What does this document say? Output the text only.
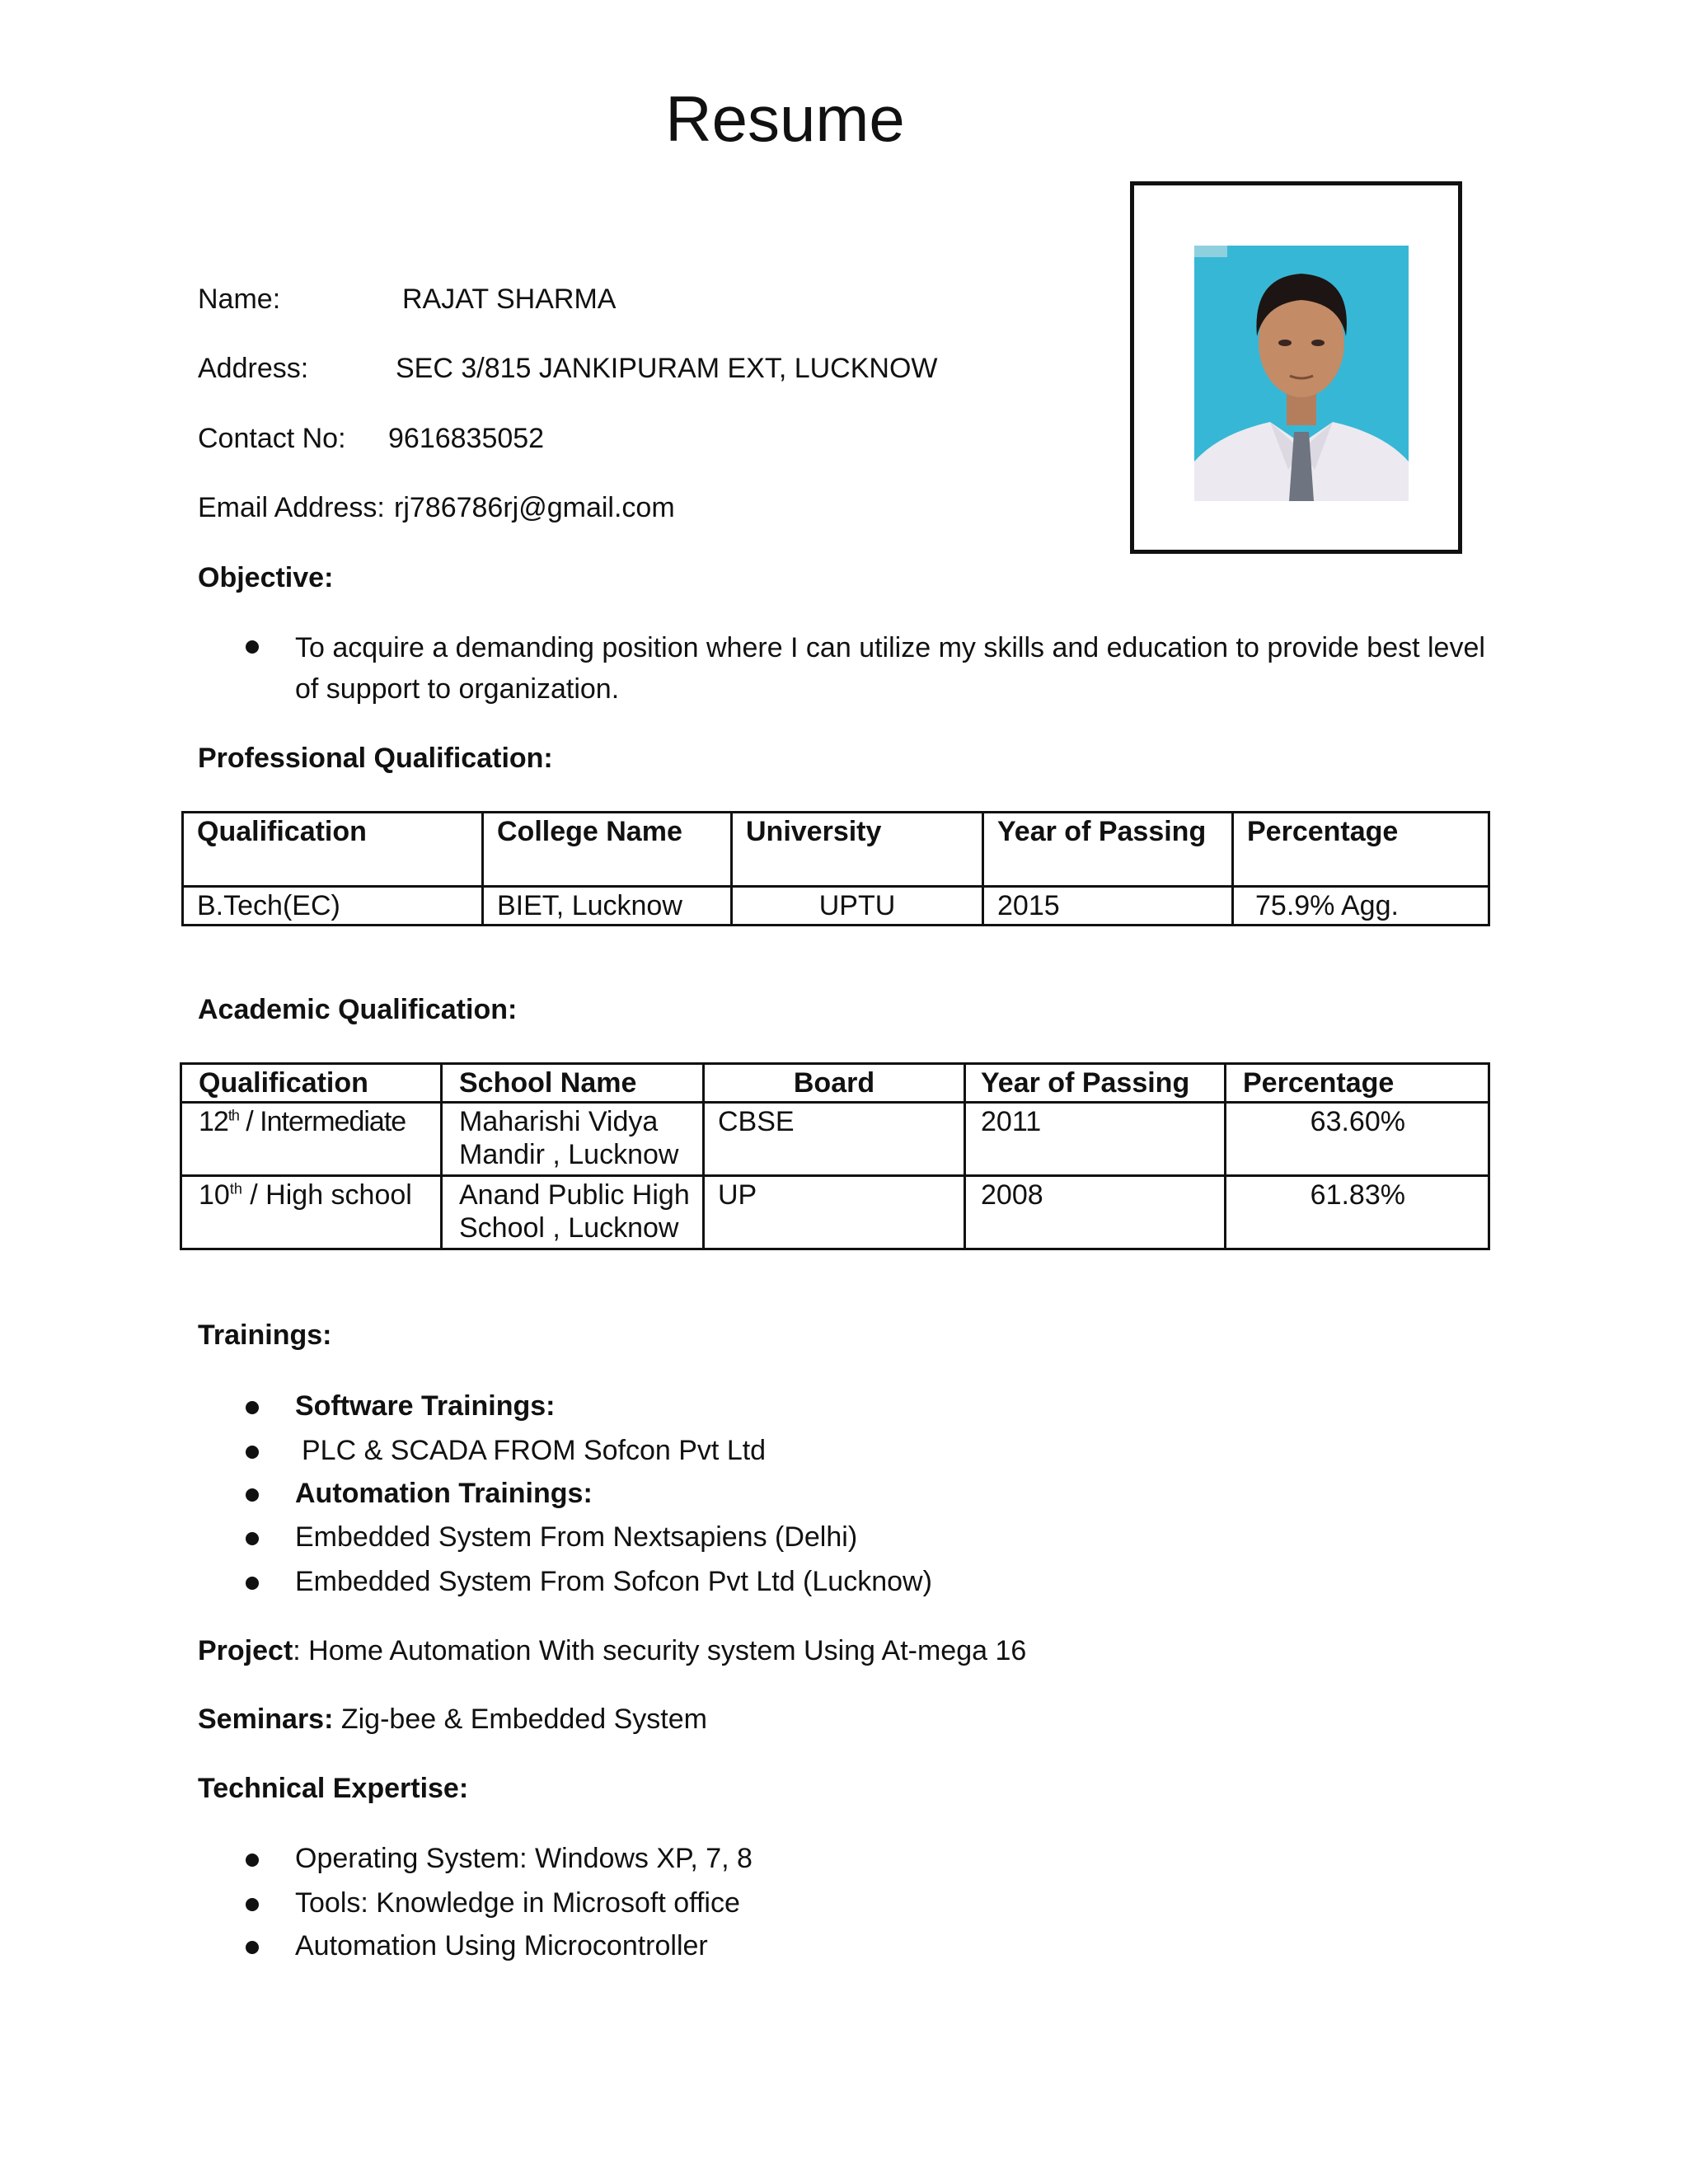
Resume
Name:	RAJAT SHARMA
Address:	SEC 3/815 JANKIPURAM EXT, LUCKNOW
Contact No: 9616835052
Email Address: rj786786rj@gmail.com
Objective:
To acquire a demanding position where I can utilize my skills and education to provide best level
of support to organization.
Professional Qualification:
Qualification	College Name	University	Year of Passing	Percentage
B.Tech(EC)	BIET, Lucknow	UPTU	2015	75.9% Agg.
Academic Qualification:
Qualification	School Name	Board	Year of Passing	Percentage
12th / Intermediate	Maharishi Vidya Mandir , Lucknow	CBSE	2011	63.60%
10th / High school	Anand Public High School , Lucknow	UP	2008	61.83%
Trainings:
Software Trainings:
PLC & SCADA FROM Sofcon Pvt Ltd
Automation Trainings:
Embedded System From Nextsapiens (Delhi)
Embedded System From Sofcon Pvt Ltd (Lucknow)
Project: Home Automation With security system Using At-mega 16
Seminars: Zig-bee & Embedded System
Technical Expertise:
Operating System: Windows XP, 7, 8
Tools: Knowledge in Microsoft office
Automation Using Microcontroller
